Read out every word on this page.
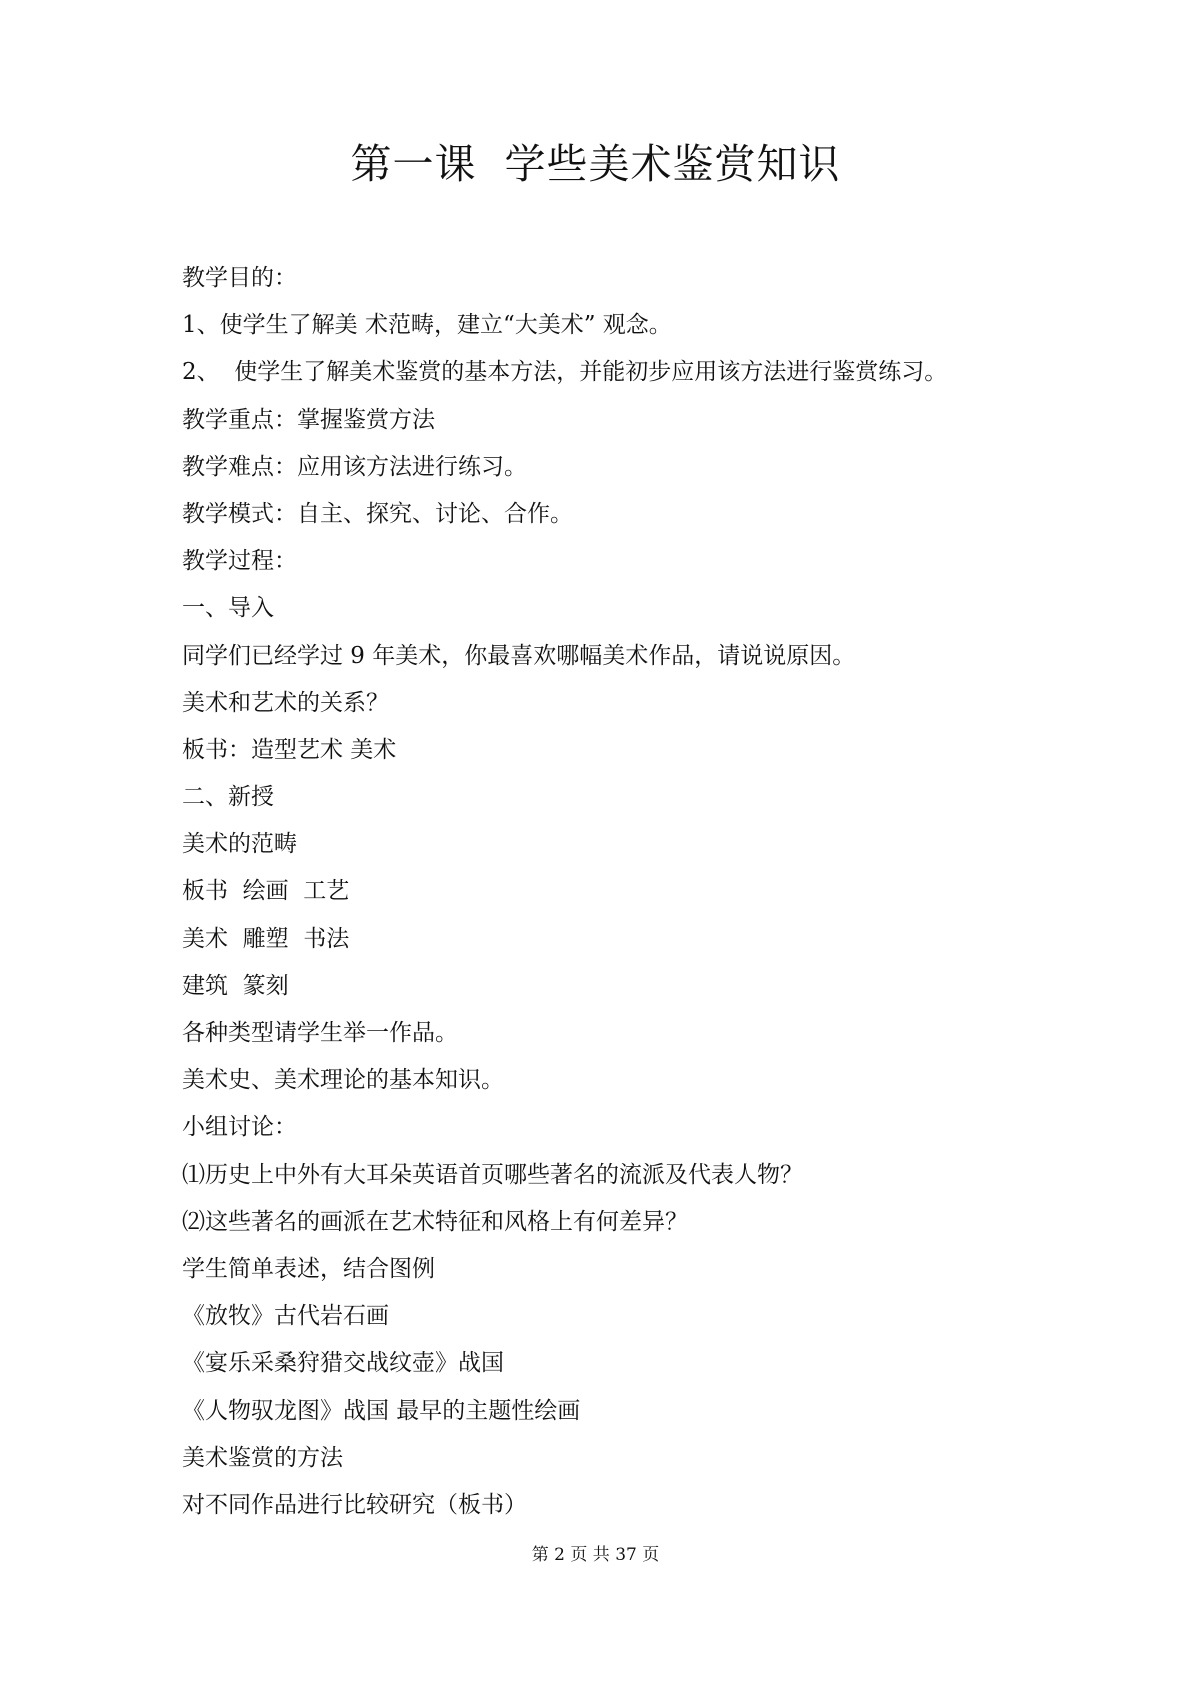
第一课  学些美术鉴赏知识
教学目的：
1、使学生了解美 术范畴，建立“大美术” 观念。
2、  使学生了解美术鉴赏的基本方法，并能初步应用该方法进行鉴赏练习。
教学重点：掌握鉴赏方法
教学难点：应用该方法进行练习。
教学模式：自主、探究、讨论、合作。
教学过程：
一、导入
同学们已经学过 9 年美术，你最喜欢哪幅美术作品，请说说原因。
美术和艺术的关系？
板书：造型艺术 美术
二、新授
美术的范畴
板书  绘画  工艺
美术  雕塑  书法
建筑  篆刻
各种类型请学生举一作品。
美术史、美术理论的基本知识。
小组讨论：
⑴历史上中外有大耳朵英语首页哪些著名的流派及代表人物？
⑵这些著名的画派在艺术特征和风格上有何差异？
学生简单表述，结合图例
《放牧》古代岩石画
《宴乐采桑狩猎交战纹壶》战国
《人物驭龙图》战国 最早的主题性绘画
美术鉴赏的方法
对不同作品进行比较研究（板书）
第 2 页 共 37 页
